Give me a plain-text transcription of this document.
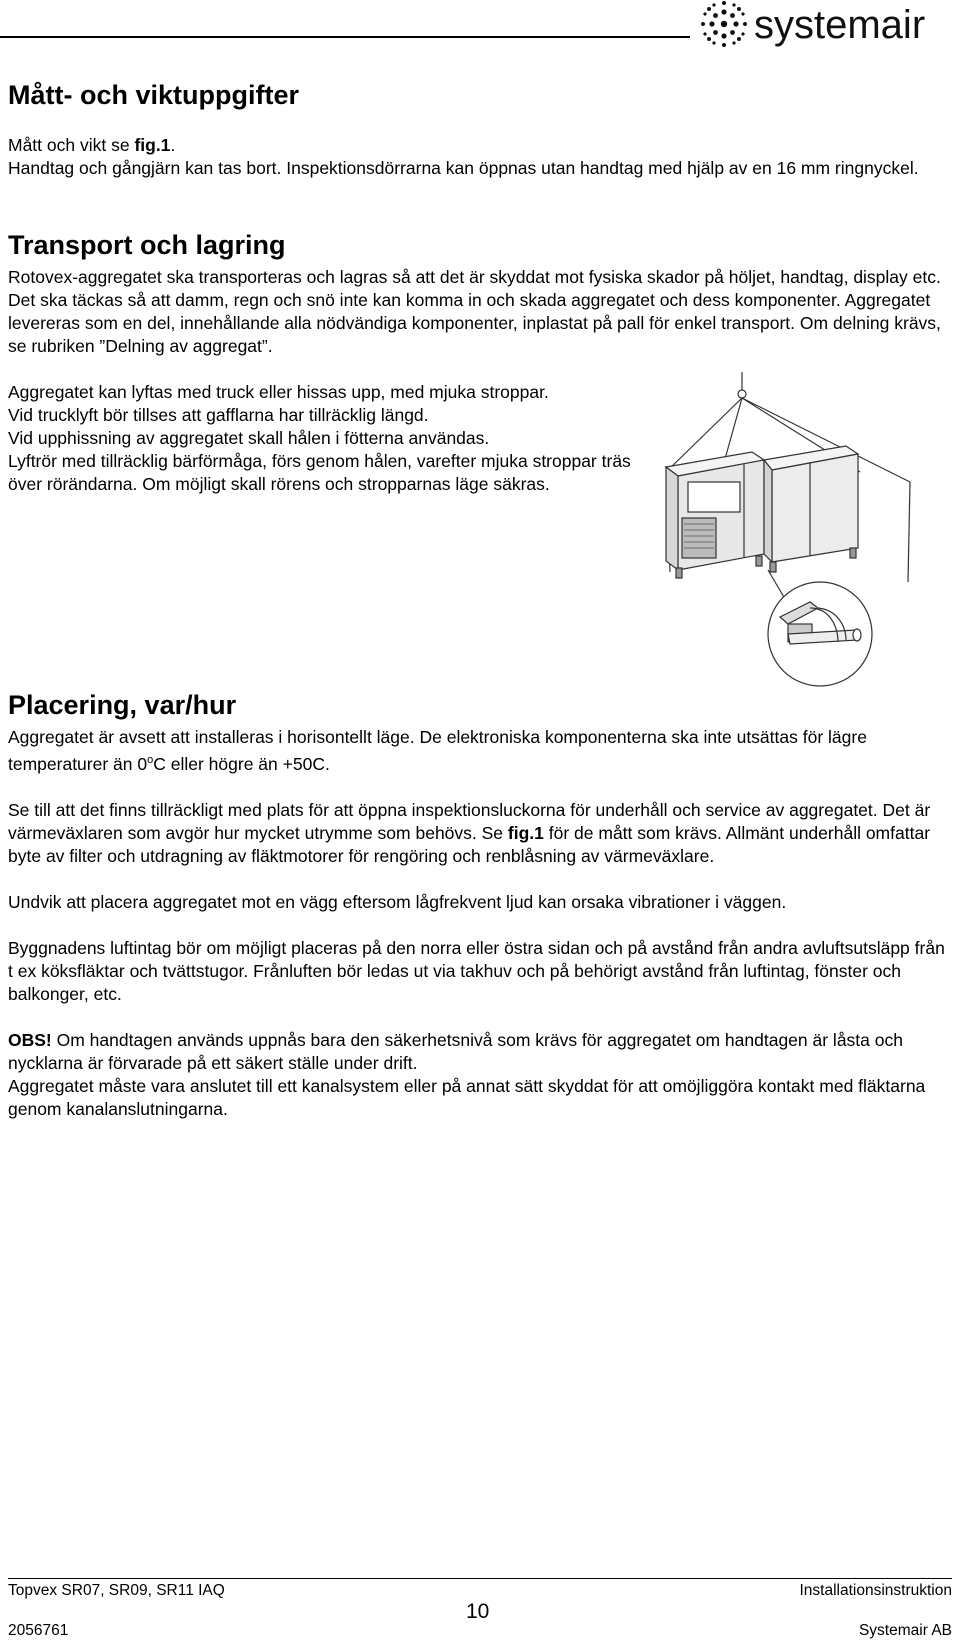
systemair
Mått- och viktuppgifter

Mått och vikt se fig.1.

Handtag och gångjärn kan tas bort. Inspektionsdörrarna kan öppnas utan handtag med hjälp av en 16 mm ringnyckel.

Transport och lagring

Rotovex-aggregatet ska transporteras och lagras så att det är skyddat mot fysiska skador på höljet, handtag, display etc. Det ska täckas så att damm, regn och snö inte kan komma in och skada aggregatet och dess komponenter. Aggregatet levereras som en del, innehållande alla nödvändiga komponenter, inplastat på pall för enkel transport. Om delning krävs, se rubriken ”Delning av aggregat”.

Aggregatet kan lyftas med truck eller hissas upp, med mjuka stroppar.

Vid trucklyft bör tillses att gafflarna har tillräcklig längd.

Vid upphissning av aggregatet skall hålen i fötterna användas.

Lyftrör med tillräcklig bärförmåga, förs genom hålen, varefter mjuka stroppar träs över rörändarna. Om möjligt skall rörens och stropparnas läge säkras.

Placering, var/hur

Aggregatet är avsett att installeras i horisontellt läge. De elektroniska komponenterna ska inte utsättas för lägre temperaturer än 0$^o$C eller högre än +50C.

Se till att det finns tillräckligt med plats för att öppna inspektionsluckorna för underhåll och service av aggregatet. Det är värmeväxlaren som avgör hur mycket utrymme som behövs. Se fig.1 för de mått som krävs. Allmänt underhåll omfattar byte av filter och utdragning av fläktmotorer för rengöring och renblåsning av värmeväxlare.

Undvik att placera aggregatet mot en vägg eftersom lågfrekvent ljud kan orsaka vibrationer i väggen.

Byggnadens luftintag bör om möjligt placeras på den norra eller östra sidan och på avstånd från andra avluftsutsläpp från t ex köksfläktar och tvättstugor. Frånluften bör ledas ut via takhuv och på behörigt avstånd från luftintag, fönster och balkonger, etc.

OBS! Om handtagen används uppnås bara den säkerhetsnivå som krävs för aggregatet om handtagen är låsta och nycklarna är förvarade på ett säkert ställe under drift.

Aggregatet måste vara anslutet till ett kanalsystem eller på annat sätt skyddat för att omöjliggöra kontakt med fläktarna genom kanalanslutningarna.

Topvex SR07, SR09, SR11 IAQ	Installationsinstruktion
10
2056761	Systemair AB
